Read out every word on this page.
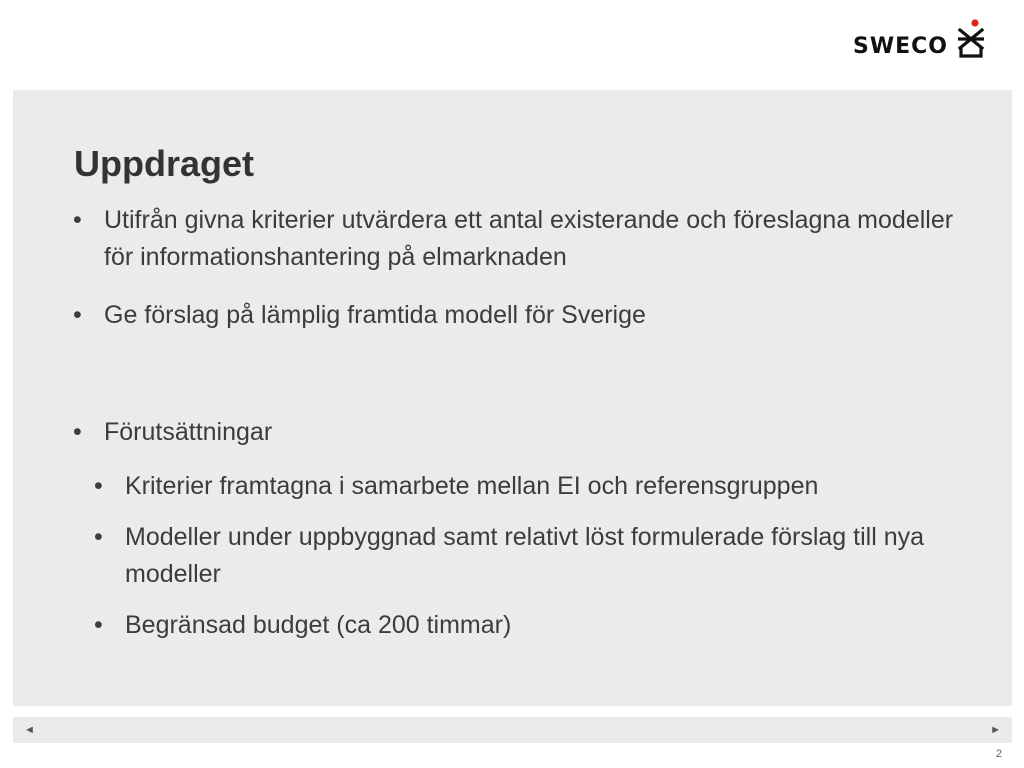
SWECO
Uppdraget
• Utifrån givna kriterier utvärdera ett antal existerande och föreslagna modeller för informationshantering på elmarknaden
• Ge förslag på lämplig framtida modell för Sverige
• Förutsättningar
• Kriterier framtagna i samarbete mellan EI och referensgruppen
• Modeller under uppbyggnad samt relativt löst formulerade förslag till nya modeller
• Begränsad budget (ca 200 timmar)
◄	►
2
